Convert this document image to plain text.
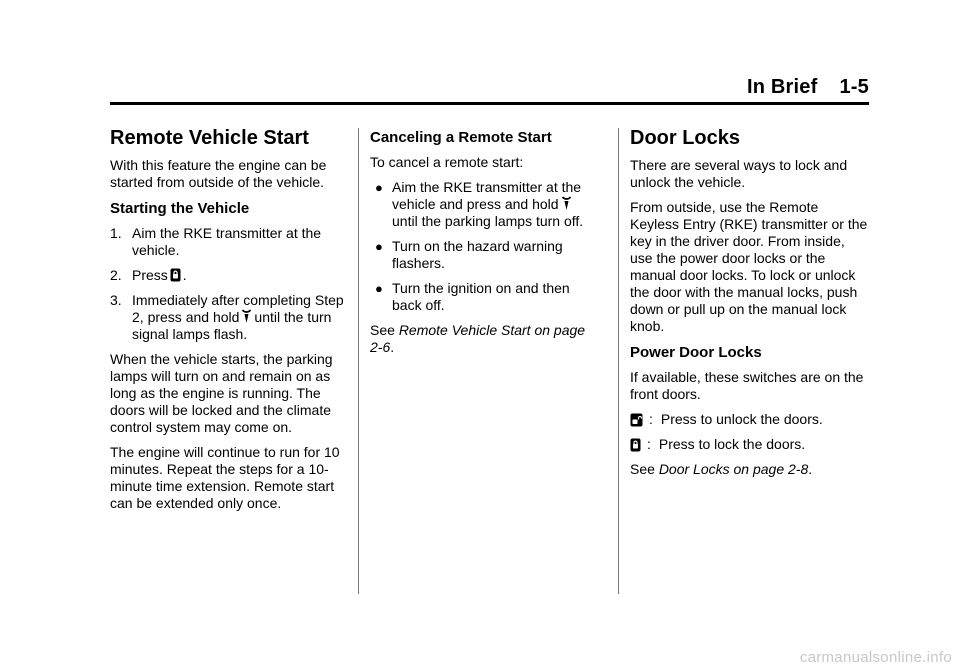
In Brief 1-5
Remote Vehicle Start

With this feature the engine can be started from outside of the vehicle.

Starting the Vehicle
1. Aim the RKE transmitter at the vehicle.
2. Press .
3. Immediately after completing Step 2, press and hold until the turn signal lamps flash.

When the vehicle starts, the parking lamps will turn on and remain on as long as the engine is running. The doors will be locked and the climate control system may come on.

The engine will continue to run for 10 minutes. Repeat the steps for a 10-minute time extension. Remote start can be extended only once.

Canceling a Remote Start

To cancel a remote start:

● Aim the RKE transmitter at the vehicle and press and holduntil the parking lamps turn off.
● Turn on the hazard warning flashers.
● Turn the ignition on and then back off.

See Remote Vehicle Start on page 2-6.

Door Locks

There are several ways to lock and unlock the vehicle.

From outside, use the Remote Keyless Entry (RKE) transmitter or the key in the driver door. From inside, use the power door locks or the manual door locks. To lock or unlock the door with the manual locks, push down or pull up on the manual lock knob.

Power Door Locks

If available, these switches are on the front doors.

: Press to unlock the doors.
: Press to lock the doors.

See Door Locks on page 2-8.

carmanualsonline.info
